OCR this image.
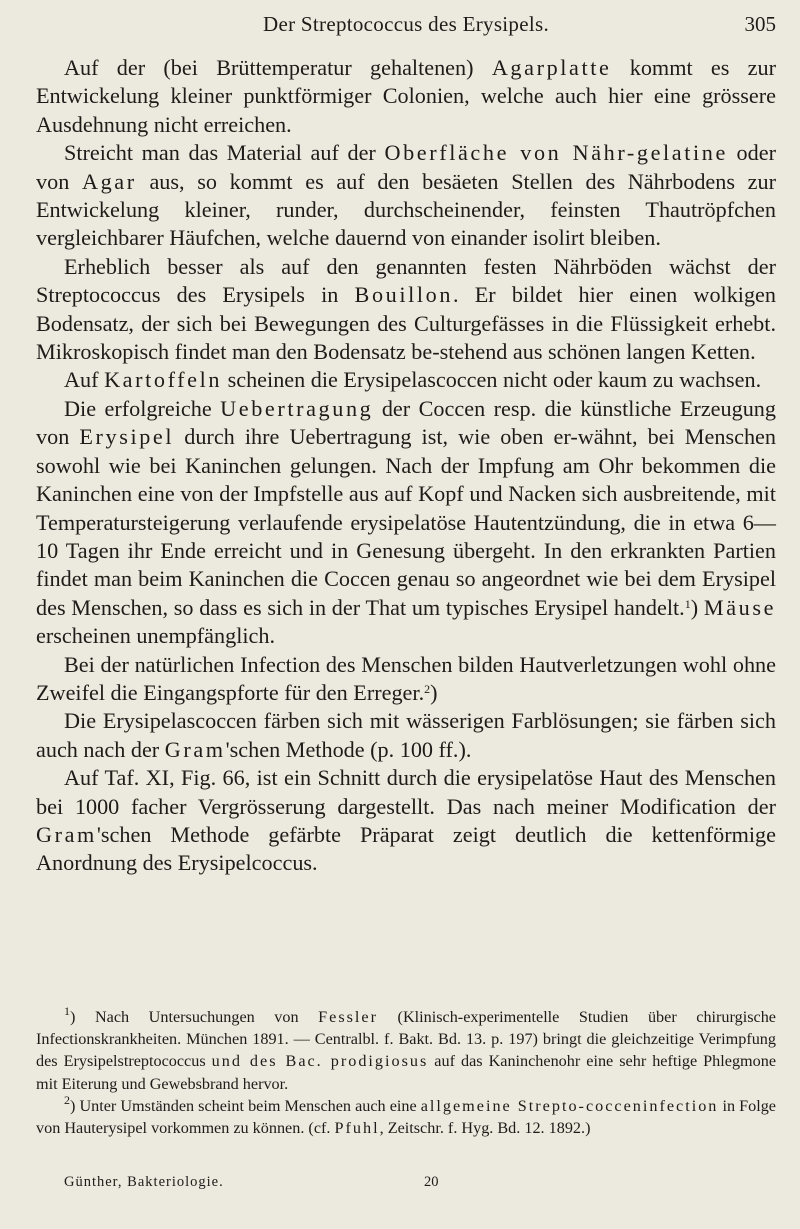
Der Streptococcus des Erysipels.	305

Auf der (bei Brüttemperatur gehaltenen) Agarplatte kommt es zur Entwickelung kleiner punktförmiger Colonien, welche auch hier eine grössere Ausdehnung nicht erreichen.

Streicht man das Material auf der Oberfläche von Nähr-gelatine oder von Agar aus, so kommt es auf den besäeten Stellen des Nährbodens zur Entwickelung kleiner, runder, durchscheinender, feinsten Thautröpfchen vergleichbarer Häufchen, welche dauernd von einander isolirt bleiben.

Erheblich besser als auf den genannten festen Nährböden wächst der Streptococcus des Erysipels in Bouillon. Er bildet hier einen wolkigen Bodensatz, der sich bei Bewegungen des Culturgefässes in die Flüssigkeit erhebt. Mikroskopisch findet man den Bodensatz be-stehend aus schönen langen Ketten.

Auf Kartoffeln scheinen die Erysipelascoccen nicht oder kaum zu wachsen.

Die erfolgreiche Uebertragung der Coccen resp. die künstliche Erzeugung von Erysipel durch ihre Uebertragung ist, wie oben er-wähnt, bei Menschen sowohl wie bei Kaninchen gelungen. Nach der Impfung am Ohr bekommen die Kaninchen eine von der Impfstelle aus auf Kopf und Nacken sich ausbreitende, mit Temperatursteigerung verlaufende erysipelatöse Hautentzündung, die in etwa 6—10 Tagen ihr Ende erreicht und in Genesung übergeht. In den erkrankten Partien findet man beim Kaninchen die Coccen genau so angeordnet wie bei dem Erysipel des Menschen, so dass es sich in der That um typisches Erysipel handelt.$^1$) Mäuse erscheinen unempfänglich.

Bei der natürlichen Infection des Menschen bilden Hautverletzungen wohl ohne Zweifel die Eingangspforte für den Erreger.$^2$)

Die Erysipelascoccen färben sich mit wässerigen Farblösungen; sie färben sich auch nach der Gram'schen Methode (p. 100 ff.).

Auf Taf. XI, Fig. 66, ist ein Schnitt durch die erysipelatöse Haut des Menschen bei 1000 facher Vergrösserung dargestellt. Das nach meiner Modification der Gram'schen Methode gefärbte Präparat zeigt deutlich die kettenförmige Anordnung des Erysipelcoccus.

$^1$) Nach Untersuchungen von Fessler (Klinisch-experimentelle Studien über chirurgische Infectionskrankheiten. München 1891. — Centralbl. f. Bakt. Bd. 13. p. 197) bringt die gleichzeitige Verimpfung des Erysipelstreptococcus und des Bac. prodigiosus auf das Kaninchenohr eine sehr heftige Phlegmone mit Eiterung und Gewebsbrand hervor.

$^2$) Unter Umständen scheint beim Menschen auch eine allgemeine Strepto-cocceninfection in Folge von Hauterysipel vorkommen zu können. (cf. Pfuhl, Zeitschr. f. Hyg. Bd. 12. 1892.)

Günther, Bakteriologie.	20
